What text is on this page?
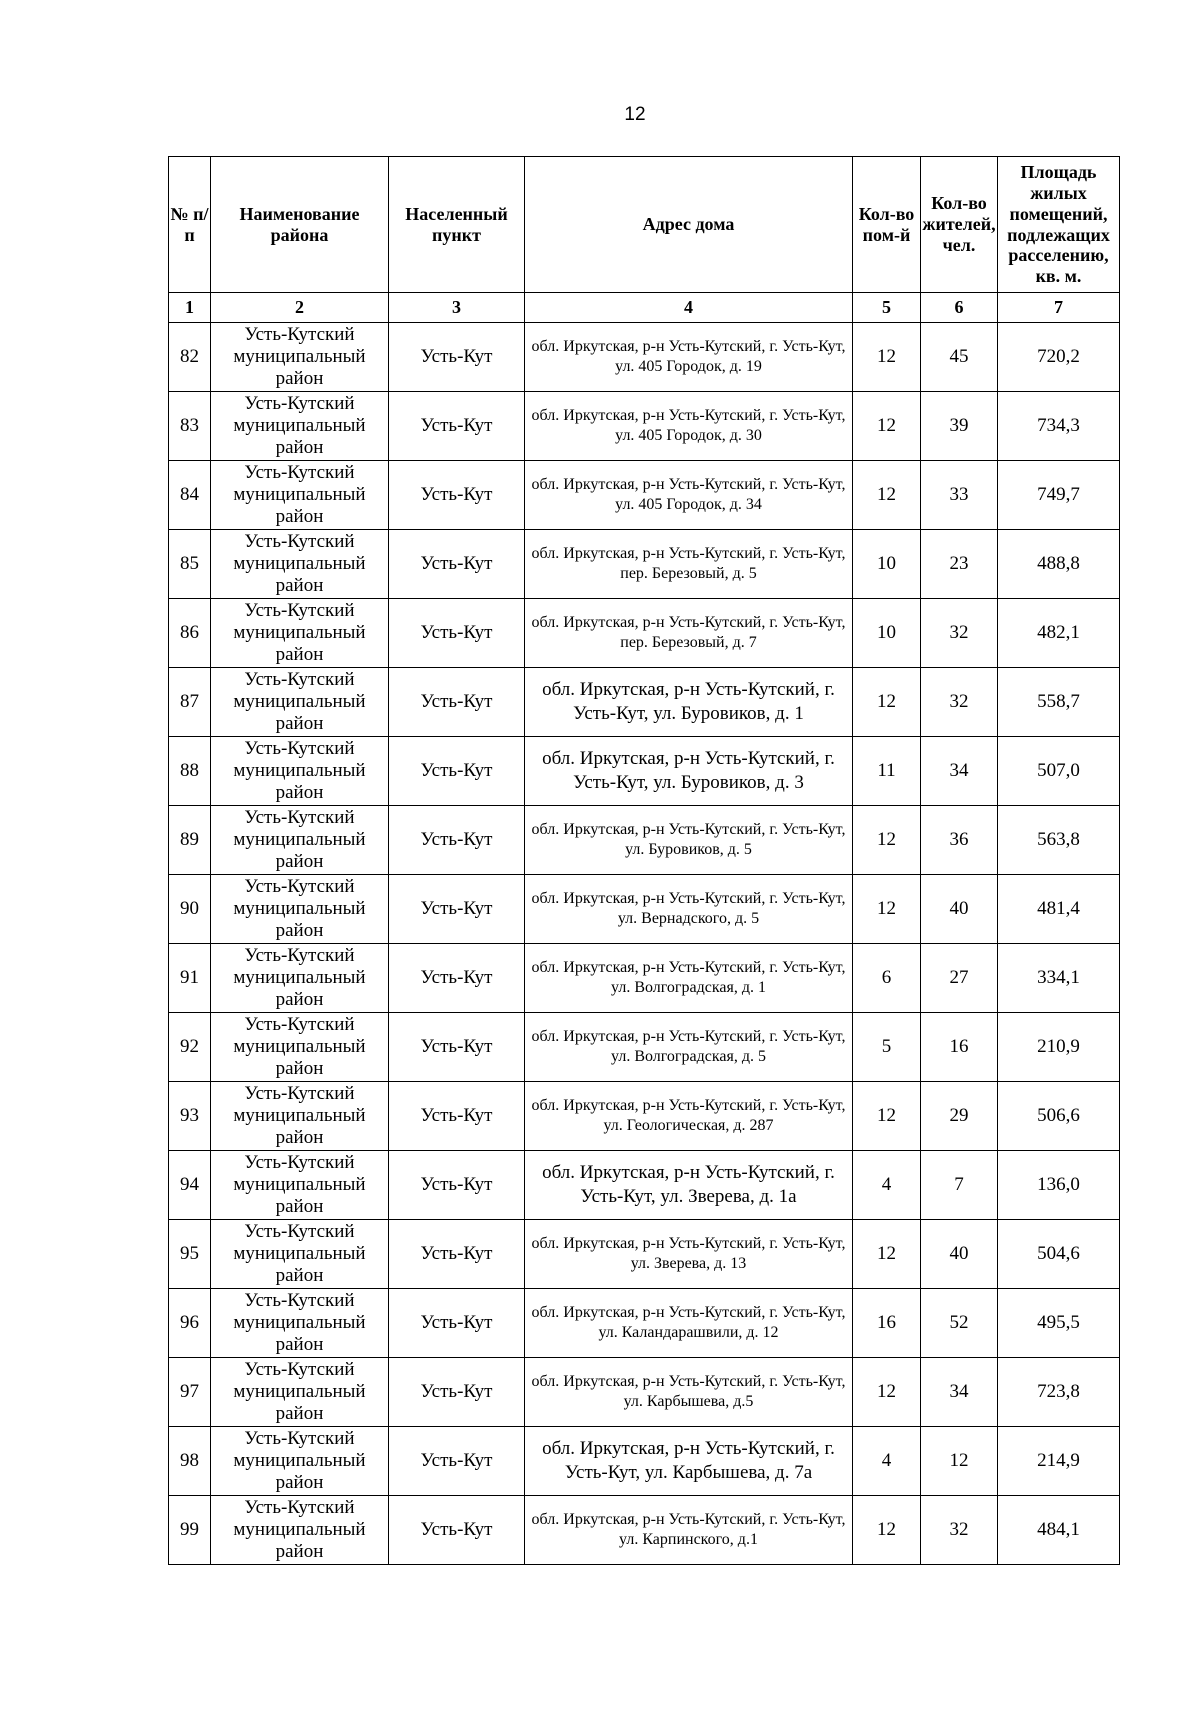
12
№ п/п	Наименование района	Населенный пункт	Адрес дома	Кол-во пом-й	Кол-во жителей, чел.	Площадь жилых помещений, подлежащих расселению, кв. м.
1	2	3	4	5	6	7
82	Усть-Кутский муниципальный район	Усть-Кут	обл. Иркутская, р-н Усть-Кутский, г. Усть-Кут, ул. 405 Городок, д. 19	12	45	720,2
83	Усть-Кутский муниципальный район	Усть-Кут	обл. Иркутская, р-н Усть-Кутский, г. Усть-Кут, ул. 405 Городок, д. 30	12	39	734,3
84	Усть-Кутский муниципальный район	Усть-Кут	обл. Иркутская, р-н Усть-Кутский, г. Усть-Кут, ул. 405 Городок, д. 34	12	33	749,7
85	Усть-Кутский муниципальный район	Усть-Кут	обл. Иркутская, р-н Усть-Кутский, г. Усть-Кут, пер. Березовый, д. 5	10	23	488,8
86	Усть-Кутский муниципальный район	Усть-Кут	обл. Иркутская, р-н Усть-Кутский, г. Усть-Кут, пер. Березовый, д. 7	10	32	482,1
87	Усть-Кутский муниципальный район	Усть-Кут	обл. Иркутская, р-н Усть-Кутский, г. Усть-Кут, ул. Буровиков, д. 1	12	32	558,7
88	Усть-Кутский муниципальный район	Усть-Кут	обл. Иркутская, р-н Усть-Кутский, г. Усть-Кут, ул. Буровиков, д. 3	11	34	507,0
89	Усть-Кутский муниципальный район	Усть-Кут	обл. Иркутская, р-н Усть-Кутский, г. Усть-Кут, ул. Буровиков, д. 5	12	36	563,8
90	Усть-Кутский муниципальный район	Усть-Кут	обл. Иркутская, р-н Усть-Кутский, г. Усть-Кут, ул. Вернадского, д. 5	12	40	481,4
91	Усть-Кутский муниципальный район	Усть-Кут	обл. Иркутская, р-н Усть-Кутский, г. Усть-Кут, ул. Волгоградская, д. 1	6	27	334,1
92	Усть-Кутский муниципальный район	Усть-Кут	обл. Иркутская, р-н Усть-Кутский, г. Усть-Кут, ул. Волгоградская, д. 5	5	16	210,9
93	Усть-Кутский муниципальный район	Усть-Кут	обл. Иркутская, р-н Усть-Кутский, г. Усть-Кут, ул. Геологическая, д. 287	12	29	506,6
94	Усть-Кутский муниципальный район	Усть-Кут	обл. Иркутская, р-н Усть-Кутский, г. Усть-Кут, ул. Зверева, д. 1а	4	7	136,0
95	Усть-Кутский муниципальный район	Усть-Кут	обл. Иркутская, р-н Усть-Кутский, г. Усть-Кут, ул. Зверева, д. 13	12	40	504,6
96	Усть-Кутский муниципальный район	Усть-Кут	обл. Иркутская, р-н Усть-Кутский, г. Усть-Кут, ул. Каландарашвили, д. 12	16	52	495,5
97	Усть-Кутский муниципальный район	Усть-Кут	обл. Иркутская, р-н Усть-Кутский, г. Усть-Кут, ул. Карбышева, д.5	12	34	723,8
98	Усть-Кутский муниципальный район	Усть-Кут	обл. Иркутская, р-н Усть-Кутский, г. Усть-Кут, ул. Карбышева, д. 7а	4	12	214,9
99	Усть-Кутский муниципальный район	Усть-Кут	обл. Иркутская, р-н Усть-Кутский, г. Усть-Кут, ул. Карпинского, д.1	12	32	484,1
